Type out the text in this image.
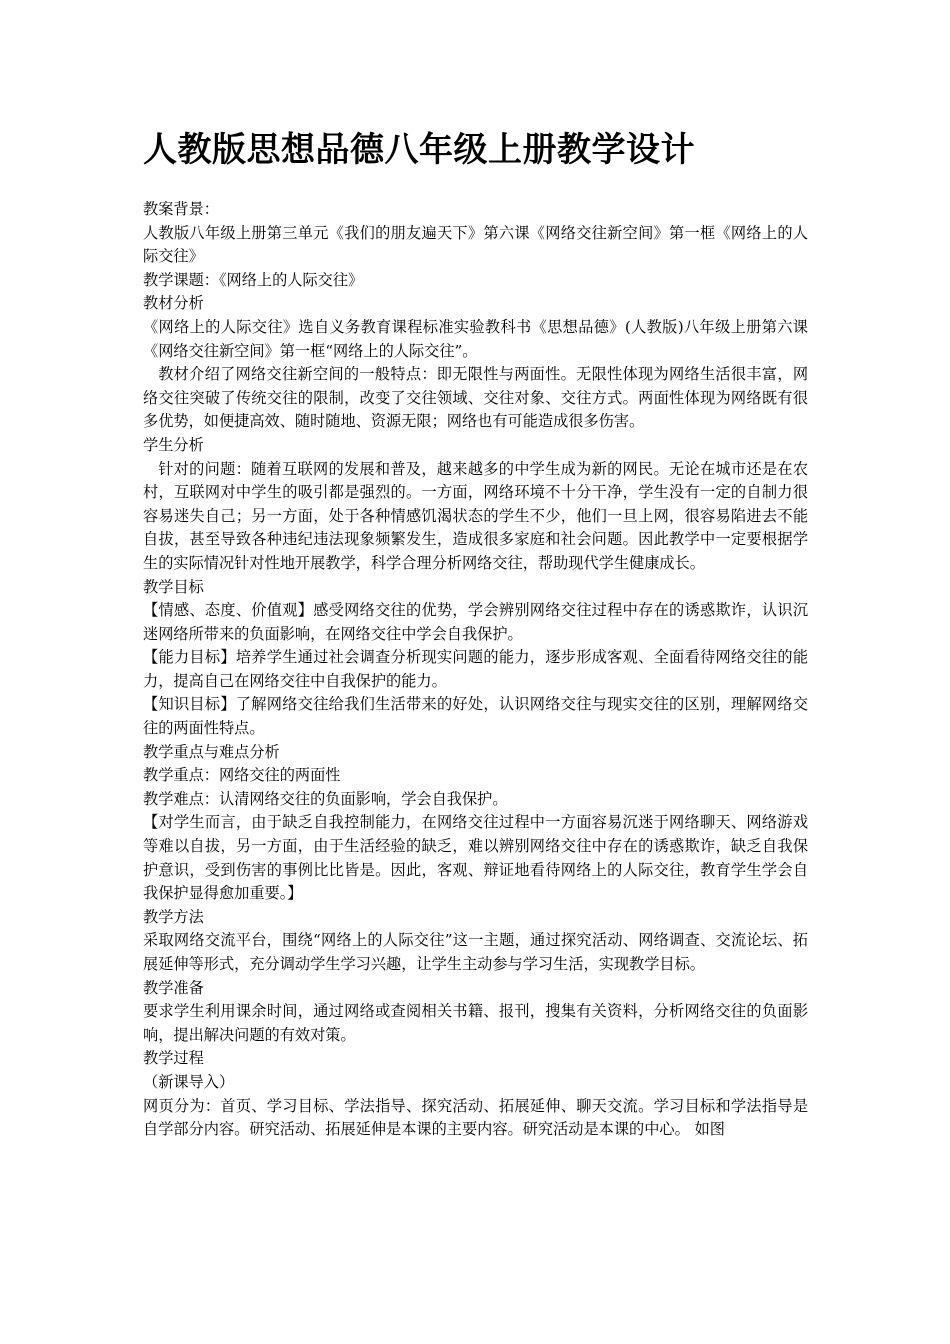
人教版思想品德八年级上册教学设计

教案背景：

人教版八年级上册第三单元《我们的朋友遍天下》第六课《网络交往新空间》第一框《网络上的人际交往》

教学课题：《网络上的人际交往》

教材分析

《网络上的人际交往》选自义务教育课程标准实验教科书《思想品德》(人教版)八年级上册第六课《网络交往新空间》第一框“网络上的人际交往”。

教材介绍了网络交往新空间的一般特点：即无限性与两面性。无限性体现为网络生活很丰富，网络交往突破了传统交往的限制，改变了交往领域、交往对象、交往方式。两面性体现为网络既有很多优势，如便捷高效、随时随地、资源无限；网络也有可能造成很多伤害。

学生分析

针对的问题：随着互联网的发展和普及，越来越多的中学生成为新的网民。无论在城市还是在农村，互联网对中学生的吸引都是强烈的。一方面，网络环境不十分干净，学生没有一定的自制力很容易迷失自己；另一方面，处于各种情感饥渴状态的学生不少，他们一旦上网，很容易陷进去不能自拔，甚至导致各种违纪违法现象频繁发生，造成很多家庭和社会问题。因此教学中一定要根据学生的实际情况针对性地开展教学，科学合理分析网络交往，帮助现代学生健康成长。

教学目标

【情感、态度、价值观】感受网络交往的优势，学会辨别网络交往过程中存在的诱惑欺诈，认识沉迷网络所带来的负面影响，在网络交往中学会自我保护。

【能力目标】培养学生通过社会调查分析现实问题的能力，逐步形成客观、全面看待网络交往的能力，提高自己在网络交往中自我保护的能力。

【知识目标】了解网络交往给我们生活带来的好处，认识网络交往与现实交往的区别，理解网络交往的两面性特点。

教学重点与难点分析

教学重点：网络交往的两面性

教学难点：认清网络交往的负面影响，学会自我保护。

【对学生而言，由于缺乏自我控制能力，在网络交往过程中一方面容易沉迷于网络聊天、网络游戏等难以自拔，另一方面，由于生活经验的缺乏，难以辨别网络交往中存在的诱惑欺诈，缺乏自我保护意识，受到伤害的事例比比皆是。因此，客观、辩证地看待网络上的人际交往，教育学生学会自我保护显得愈加重要。】

教学方法

采取网络交流平台，围绕“网络上的人际交往”这一主题，通过探究活动、网络调查、交流论坛、拓展延伸等形式，充分调动学生学习兴趣，让学生主动参与学习生活，实现教学目标。

教学准备

要求学生利用课余时间，通过网络或查阅相关书籍、报刊，搜集有关资料，分析网络交往的负面影响，提出解决问题的有效对策。

教学过程

（新课导入）

网页分为：首页、学习目标、学法指导、探究活动、拓展延伸、聊天交流。学习目标和学法指导是自学部分内容。研究活动、拓展延伸是本课的主要内容。研究活动是本课的中心。 如图
